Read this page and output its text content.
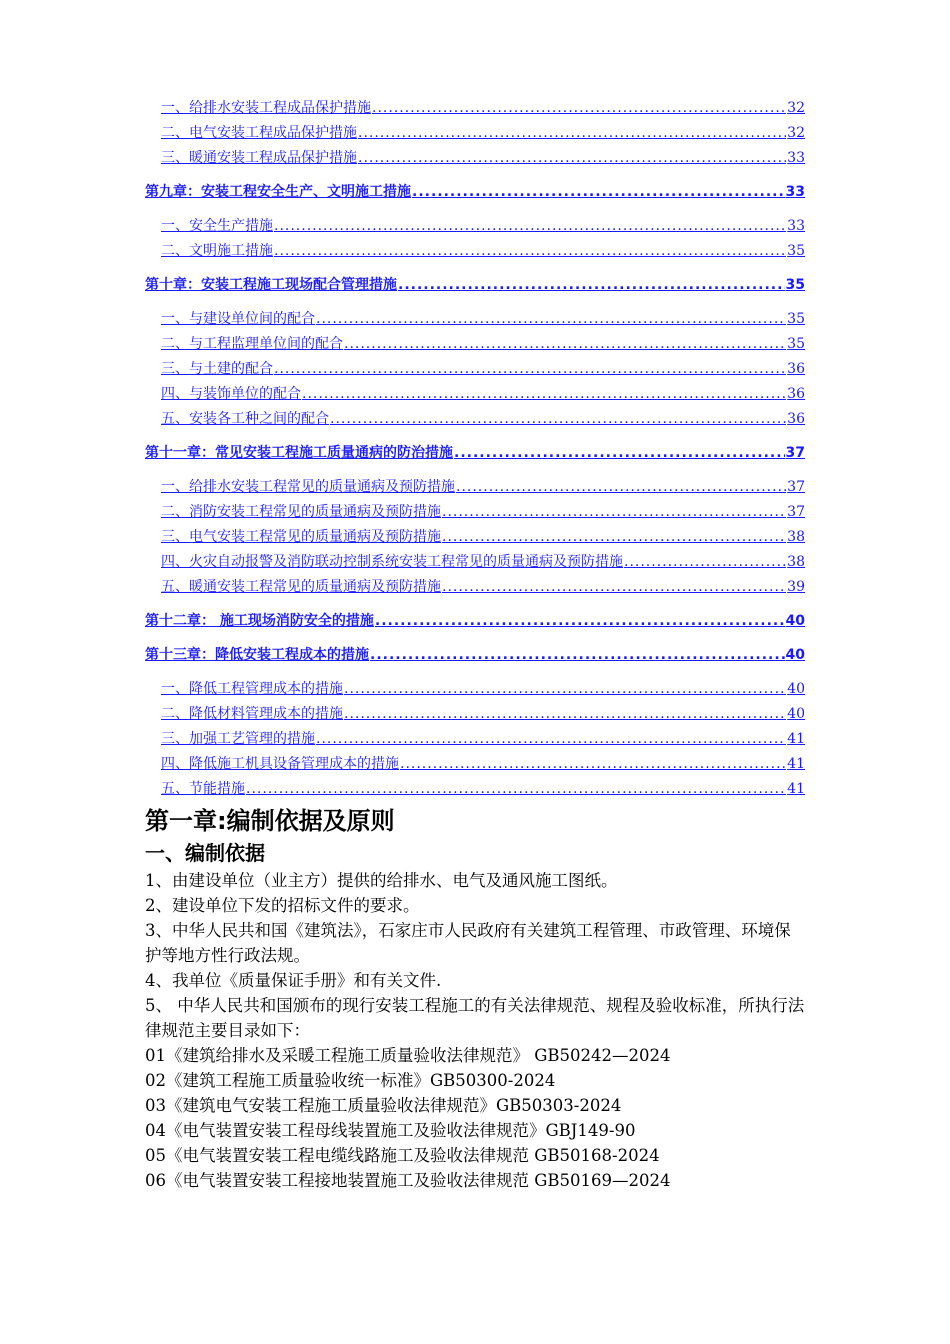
一、给排水安装工程成品保护措施 .....	32
二、电气安装工程成品保护措施 .....	32
三、暖通安装工程成品保护措施 .....	33
第九章：安装工程安全生产、文明施工措施 .....	33
一、安全生产措施 .....	33
二、文明施工措施 .....	35
第十章：安装工程施工现场配合管理措施 .....	35
一、与建设单位间的配合 .....	35
二、与工程监理单位间的配合 .....	35
三、与土建的配合 .....	36
四、与装饰单位的配合 .....	36
五、安装各工种之间的配合 .....	36
第十一章：常见安装工程施工质量通病的防治措施 .....	37
一、给排水安装工程常见的质量通病及预防措施 .....	37
二、消防安装工程常见的质量通病及预防措施 .....	37
三、电气安装工程常见的质量通病及预防措施 .....	38
四、火灾自动报警及消防联动控制系统安装工程常见的质量通病及预防措施 .....	38
五、暖通安装工程常见的质量通病及预防措施 .....	39
第十二章： 施工现场消防安全的措施 .....	40
第十三章：降低安装工程成本的措施 .....	40
一、降低工程管理成本的措施 .....	40
二、降低材料管理成本的措施 .....	40
三、加强工艺管理的措施 .....	41
四、降低施工机具设备管理成本的措施 .....	41
五、节能措施 .....	41
第一章:编制依据及原则
一、编制依据
1、由建设单位（业主方）提供的给排水、电气及通风施工图纸。
2、建设单位下发的招标文件的要求。
3、中华人民共和国《建筑法》，石家庄市人民政府有关建筑工程管理、市政管理、环境保护等地方性行政法规。
4、我单位《质量保证手册》和有关文件.
5、 中华人民共和国颁布的现行安装工程施工的有关法律规范、规程及验收标准，所执行法律规范主要目录如下：
01《建筑给排水及采暖工程施工质量验收法律规范》 GB50242—2024
02《建筑工程施工质量验收统一标准》GB50300-2024
03《建筑电气安装工程施工质量验收法律规范》GB50303-2024
04《电气装置安装工程母线装置施工及验收法律规范》GBJ149-90
05《电气装置安装工程电缆线路施工及验收法律规范 GB50168-2024
06《电气装置安装工程接地装置施工及验收法律规范 GB50169—2024
